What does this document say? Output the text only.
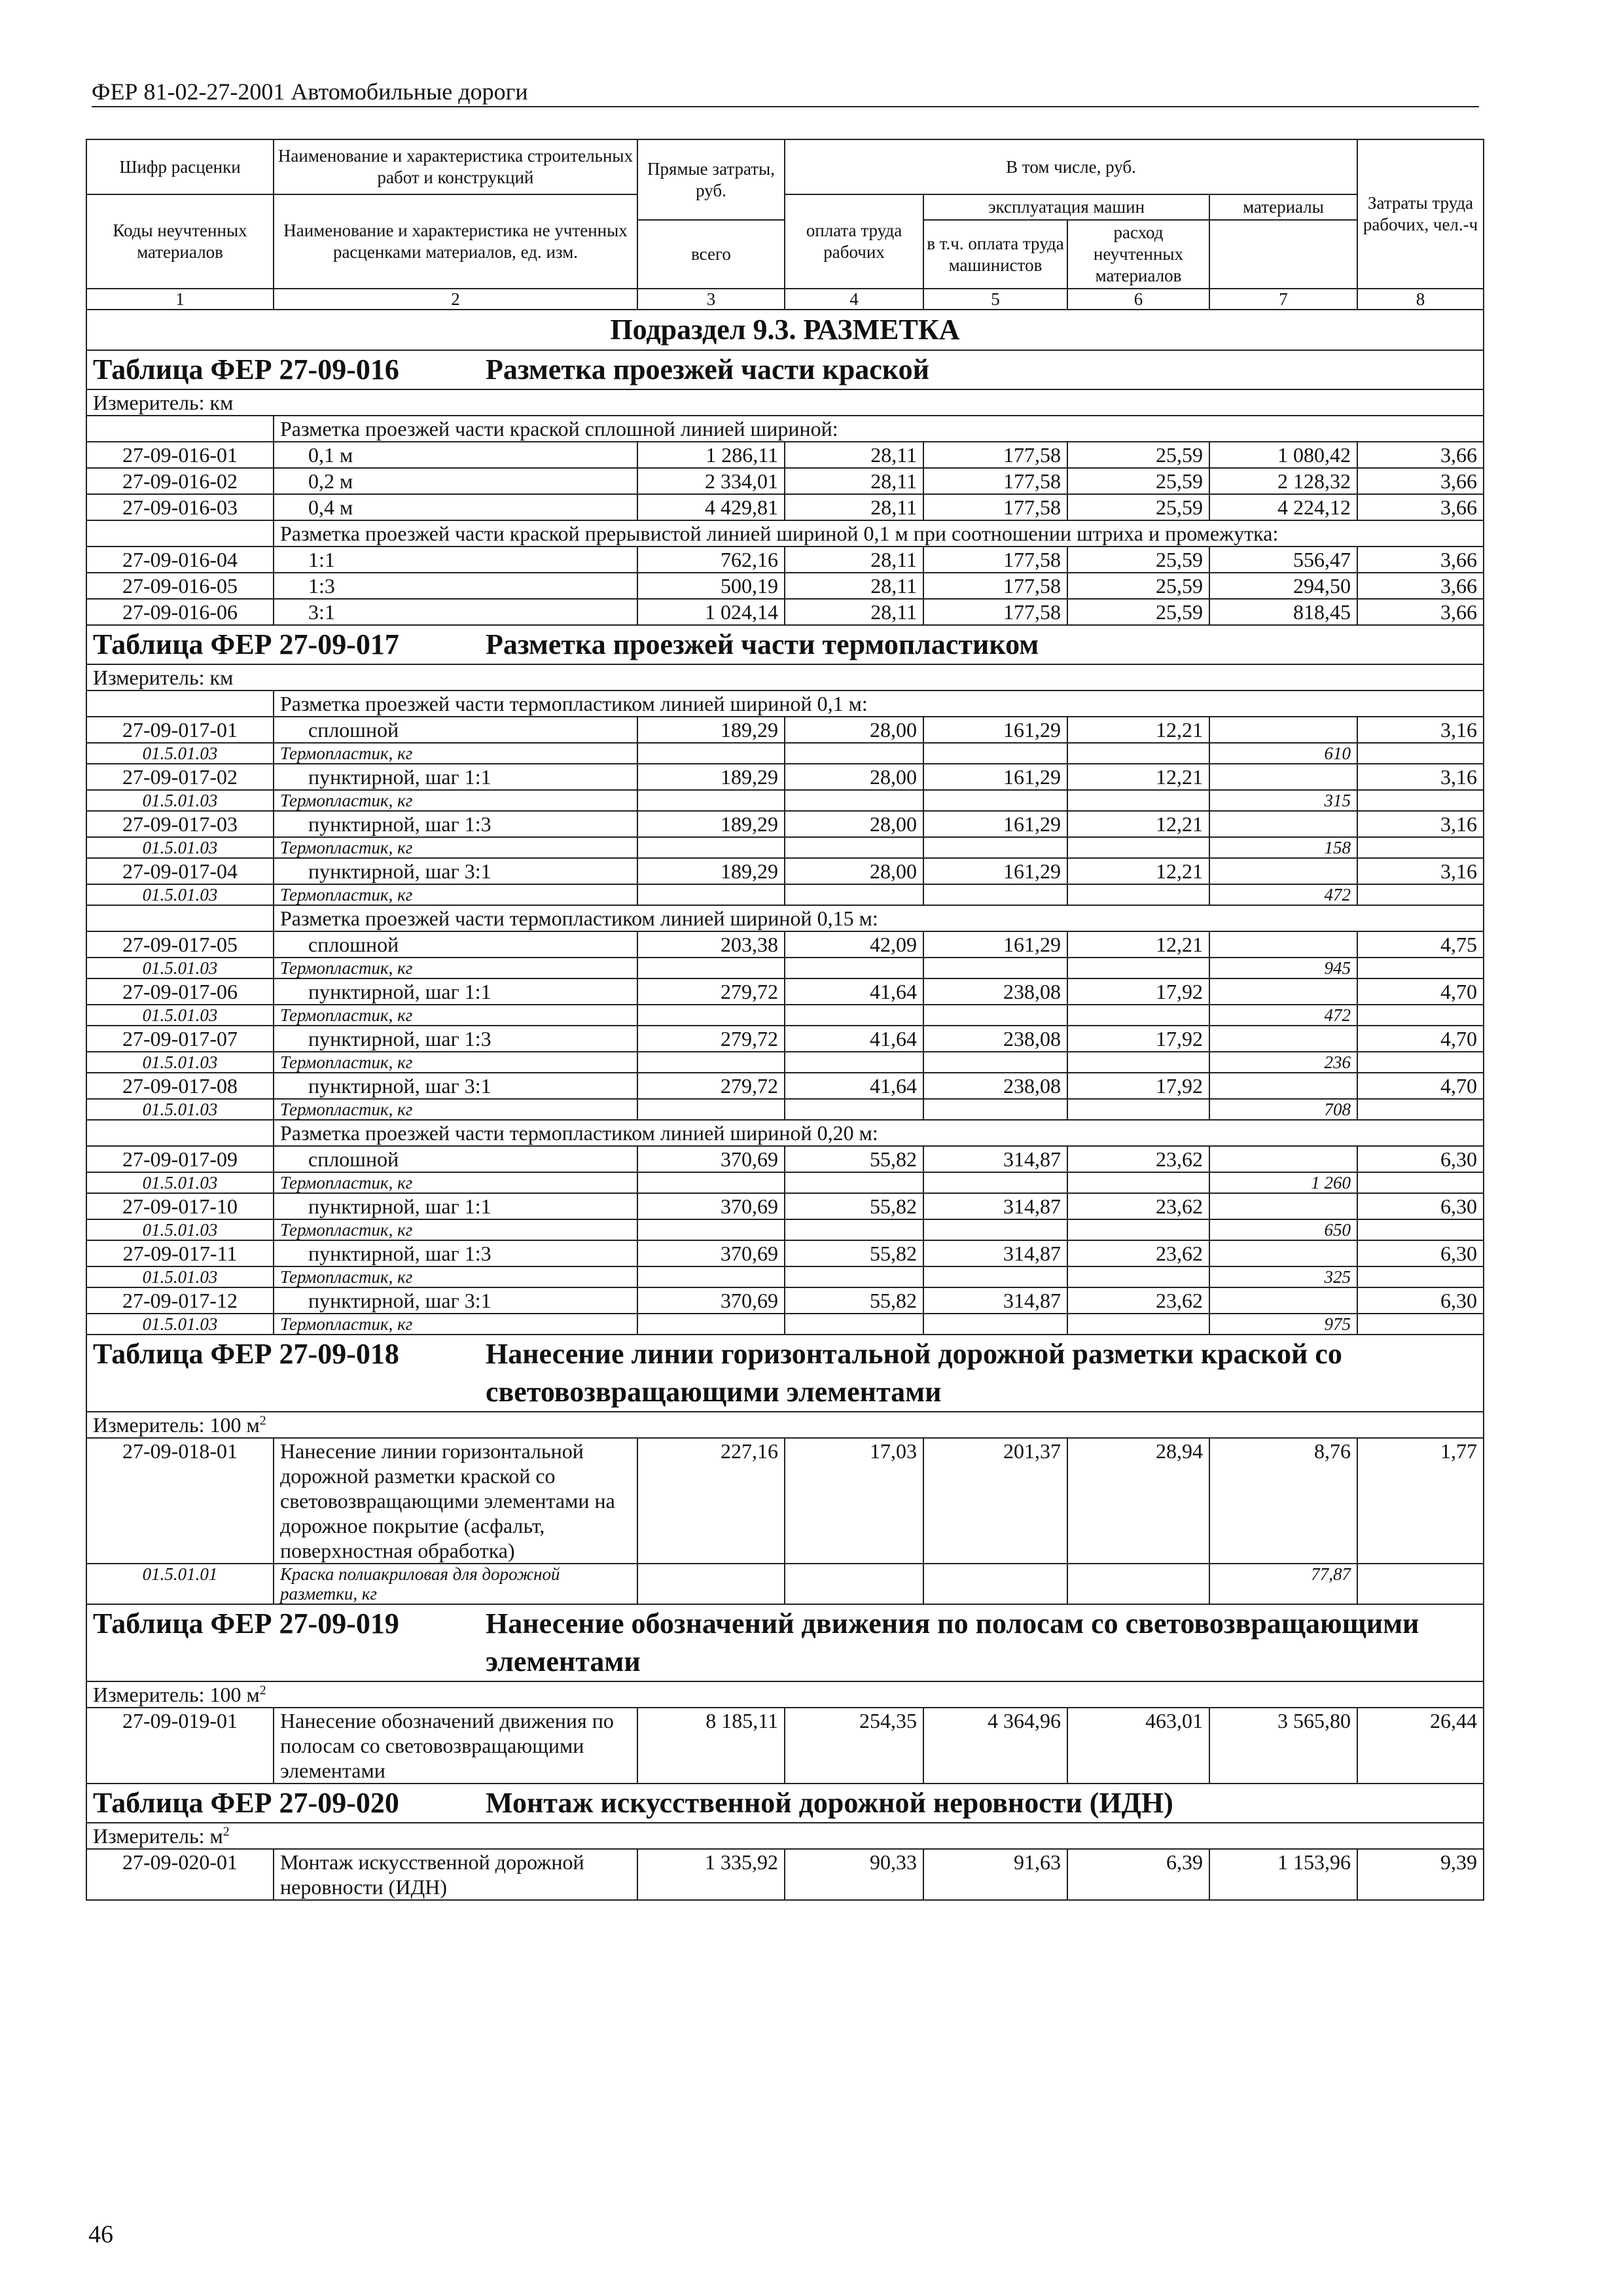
ФЕР 81-02-27-2001 Автомобильные дороги
Шифр расценки	Наименование и характеристика строительных работ и конструкций	Прямые затраты, руб.	В том числе, руб.				Затраты труда рабочих, чел.-ч
Коды неучтенных материалов	Наименование и характеристика не учтенных расценками материалов, ед. изм.						
			оплата труда рабочих	эксплуатация машин		материалы	
		всего		в т.ч. оплата труда машинистов	расход неучтенных материалов		
1	2	3	4	5	6	7	8
Подраздел 9.3. РАЗМЕТКА							
Таблица ФЕР 27-09-016 Разметка проезжей части краской							
Измеритель: км							
	Разметка проезжей части краской сплошной линией шириной:						
27-09-016-01	0,1 м	1 286,11	28,11	177,58	25,59	1 080,42	3,66
27-09-016-02	0,2 м	2 334,01	28,11	177,58	25,59	2 128,32	3,66
27-09-016-03	0,4 м	4 429,81	28,11	177,58	25,59	4 224,12	3,66
	Разметка проезжей части краской прерывистой линией шириной 0,1 м при соотношении штриха и промежутка:						
27-09-016-04	1:1	762,16	28,11	177,58	25,59	556,47	3,66
27-09-016-05	1:3	500,19	28,11	177,58	25,59	294,50	3,66
27-09-016-06	3:1	1 024,14	28,11	177,58	25,59	818,45	3,66
Таблица ФЕР 27-09-017 Разметка проезжей части термопластиком							
Измеритель: км							
	Разметка проезжей части термопластиком линией шириной 0,1 м:						
27-09-017-01	сплошной	189,29	28,00	161,29	12,21		3,16
01.5.01.03	Термопластик, кг					610	
27-09-017-02	пунктирной, шаг 1:1	189,29	28,00	161,29	12,21		3,16
01.5.01.03	Термопластик, кг					315	
27-09-017-03	пунктирной, шаг 1:3	189,29	28,00	161,29	12,21		3,16
01.5.01.03	Термопластик, кг					158	
27-09-017-04	пунктирной, шаг 3:1	189,29	28,00	161,29	12,21		3,16
01.5.01.03	Термопластик, кг					472	
	Разметка проезжей части термопластиком линией шириной 0,15 м:						
27-09-017-05	сплошной	203,38	42,09	161,29	12,21		4,75
01.5.01.03	Термопластик, кг					945	
27-09-017-06	пунктирной, шаг 1:1	279,72	41,64	238,08	17,92		4,70
01.5.01.03	Термопластик, кг					472	
27-09-017-07	пунктирной, шаг 1:3	279,72	41,64	238,08	17,92		4,70
01.5.01.03	Термопластик, кг					236	
27-09-017-08	пунктирной, шаг 3:1	279,72	41,64	238,08	17,92		4,70
01.5.01.03	Термопластик, кг					708	
	Разметка проезжей части термопластиком линией шириной 0,20 м:						
27-09-017-09	сплошной	370,69	55,82	314,87	23,62		6,30
01.5.01.03	Термопластик, кг					1 260	
27-09-017-10	пунктирной, шаг 1:1	370,69	55,82	314,87	23,62		6,30
01.5.01.03	Термопластик, кг					650	
27-09-017-11	пунктирной, шаг 1:3	370,69	55,82	314,87	23,62		6,30
01.5.01.03	Термопластик, кг					325	
27-09-017-12	пунктирной, шаг 3:1	370,69	55,82	314,87	23,62		6,30
01.5.01.03	Термопластик, кг					975	
Таблица ФЕР 27-09-018 Нанесение линии горизонтальной дорожной разметки краской со световозвращающими элементами							
Измеритель: 100 $м^2$
27-09-018-01	Нанесение линии горизонтальной дорожной разметки краской со световозвращающими элементами на дорожное покрытие (асфальт, поверхностная обработка)	227,16	17,03	201,37	28,94	8,76	1,77
01.5.01.01	Краска полиакриловая для дорожной разметки, кг					77,87	
Таблица ФЕР 27-09-019 Нанесение обозначений движения по полосам со световозвращающими элементами							
Измеритель: 100 $м^2$
27-09-019-01	Нанесение обозначений движения по полосам со световозвращающими элементами	8 185,11	254,35	4 364,96	463,01	3 565,80	26,44
Таблица ФЕР 27-09-020 Монтаж искусственной дорожной неровности (ИДН)							
Измеритель: $м^2$
27-09-020-01	Монтаж искусственной дорожной неровности (ИДН)	1 335,92	90,33	91,63	6,39	1 153,96	9,39
46
